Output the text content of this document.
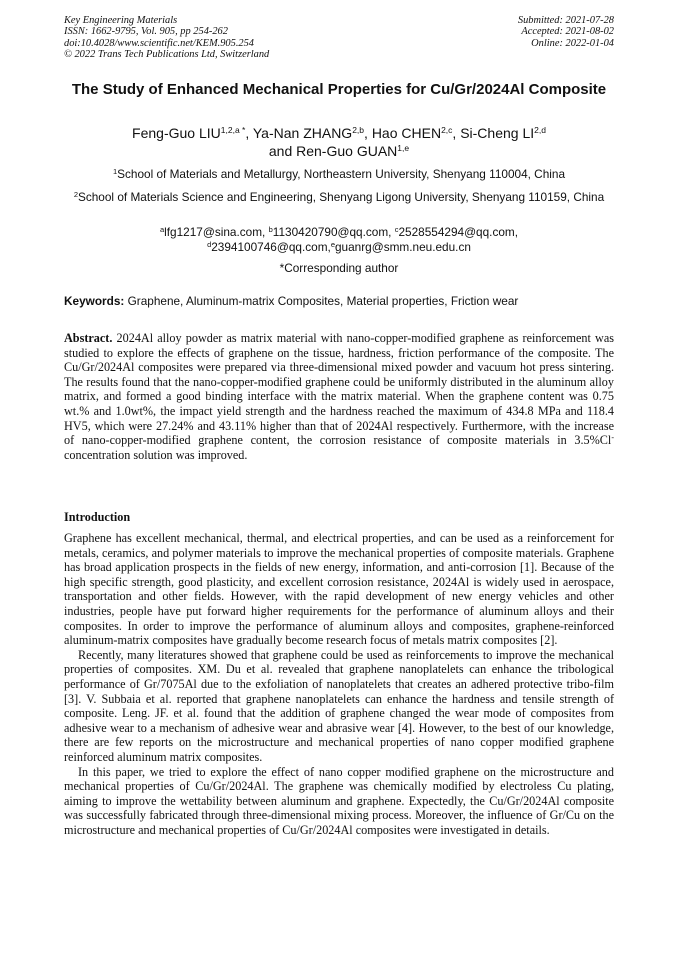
Key Engineering Materials
ISSN: 1662-9795, Vol. 905, pp 254-262
doi:10.4028/www.scientific.net/KEM.905.254
© 2022 Trans Tech Publications Ltd, Switzerland
Submitted: 2021-07-28
Accepted: 2021-08-02
Online: 2022-01-04
The Study of Enhanced Mechanical Properties for Cu/Gr/2024Al Composite
Feng-Guo $LIU^{1,2,a *}$, Ya-Nan ZHANG$^{2,b}$, Hao CHEN$^{2,c}$, Si-Cheng LI$^{2,d}$
and Ren-Guo GUAN$^{1,e}$
$^1$School of Materials and Metallurgy, Northeastern University, Shenyang 110004, China
$^2$School of Materials Science and Engineering, Shenyang Ligong University, Shenyang 110159, China
$^a$lfg1217@sina.com, $^b$1130420790@qq.com, $^c$2528554294@qq.com,
$^d$2394100746@qq.com,$^e$guanrg@smm.neu.edu.cn
*Corresponding author
Keywords: Graphene, Aluminum-matrix Composites, Material properties, Friction wear

Abstract. 2024Al alloy powder as matrix material with nano-copper-modified graphene as reinforcement was studied to explore the effects of graphene on the tissue, hardness, friction performance of the composite. The Cu/Gr/2024Al composites were prepared via three-dimensional mixed powder and vacuum hot press sintering. The results found that the nano-copper-modified graphene could be uniformly distributed in the aluminum alloy matrix, and formed a good binding interface with the matrix material. When the graphene content was 0.75 wt.% and 1.0wt%, the impact yield strength and the hardness reached the maximum of 434.8 MPa and 118.4 HV5, which were 27.24% and 43.11% higher than that of 2024Al respectively. Furthermore, with the increase of nano-copper-modified graphene content, the corrosion resistance of composite materials in 3.5%Cl-concentration solution was improved.

Introduction

Graphene has excellent mechanical, thermal, and electrical properties, and can be used as a reinforcement for metals, ceramics, and polymer materials to improve the mechanical properties of composite materials. Graphene has broad application prospects in the fields of new energy, information, and anti-corrosion [1]. Because of the high specific strength, good plasticity, and excellent corrosion resistance, 2024Al is widely used in aerospace, transportation and other fields. However, with the rapid development of new energy vehicles and other industries, people have put forward higher requirements for the performance of aluminum alloys and their composites. In order to improve the performance of aluminum alloys and composites, graphene-reinforced aluminum-matrix composites have gradually become research focus of metals matrix composites [2].

Recently, many literatures showed that graphene could be used as reinforcements to improve the mechanical properties of composites. XM. Du et al. revealed that graphene nanoplatelets can enhance the tribological performance of Gr/7075Al due to the exfoliation of nanoplatelets that creates an adhered protective tribo-film [3]. V. Subbaia et al. reported that graphene nanoplatelets can enhance the hardness and tensile strength of composite. Leng. JF. et al. found that the addition of graphene changed the wear mode of composites from adhesive wear to a mechanism of adhesive wear and abrasive wear [4]. However, to the best of our knowledge, there are few reports on the microstructure and mechanical properties of nano copper modified graphene reinforced aluminum matrix composites.

In this paper, we tried to explore the effect of nano copper modified graphene on the microstructure and mechanical properties of Cu/Gr/2024Al. The graphene was chemically modified by electroless Cu plating, aiming to improve the wettability between aluminum and graphene. Expectedly, the Cu/Gr/2024Al composite was successfully fabricated through three-dimensional mixing process. Moreover, the influence of Gr/Cu on the microstructure and mechanical properties of Cu/Gr/2024Al composites were investigated in details.
